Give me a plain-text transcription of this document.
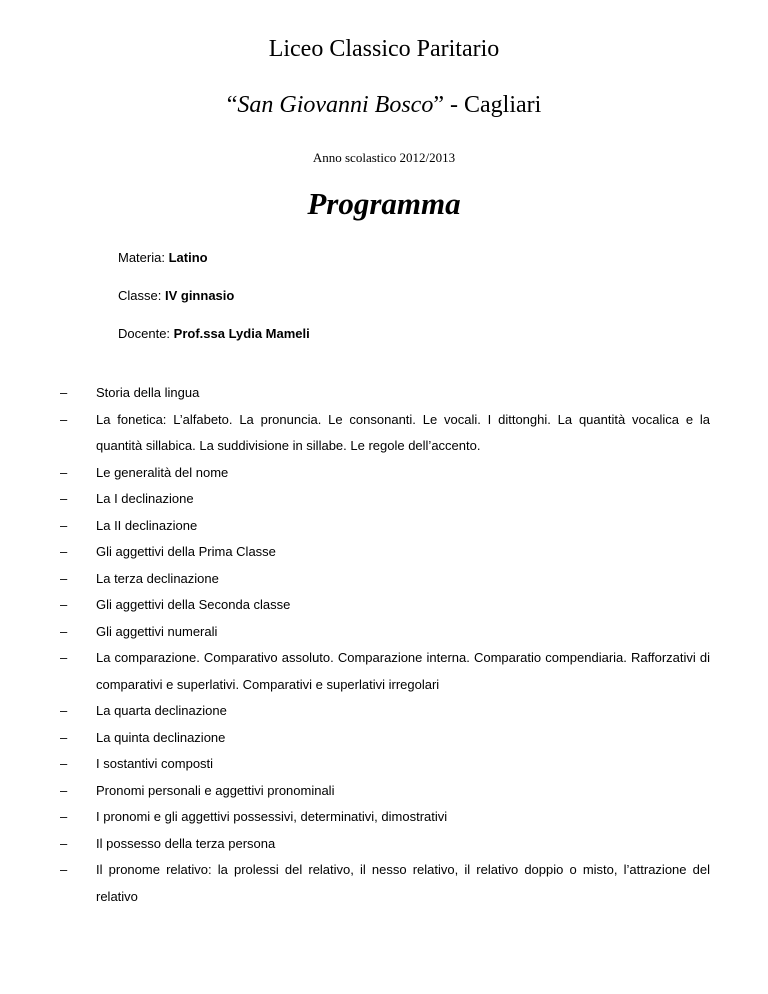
Liceo Classico Paritario
“San Giovanni Bosco” - Cagliari
Anno scolastico 2012/2013
Programma
Materia: Latino
Classe: IV ginnasio
Docente: Prof.ssa Lydia Mameli
– Storia della lingua
– La fonetica: L’alfabeto. La pronuncia. Le consonanti. Le vocali. I dittonghi. La quantità vocalica e la quantità sillabica. La suddivisione in sillabe. Le regole dell’accento.
– Le generalità del nome
– La I declinazione
– La II declinazione
– Gli aggettivi della Prima Classe
– La terza declinazione
– Gli aggettivi della Seconda classe
– Gli aggettivi numerali
– La comparazione. Comparativo assoluto. Comparazione interna. Comparatio compendiaria. Rafforzativi di comparativi e superlativi. Comparativi e superlativi irregolari
– La quarta declinazione
– La quinta declinazione
– I sostantivi composti
– Pronomi personali e aggettivi pronominali
– I pronomi e gli aggettivi possessivi, determinativi, dimostrativi
– Il possesso della terza persona
– Il pronome relativo: la prolessi del relativo, il nesso relativo, il relativo doppio o misto, l’attrazione del relativo
